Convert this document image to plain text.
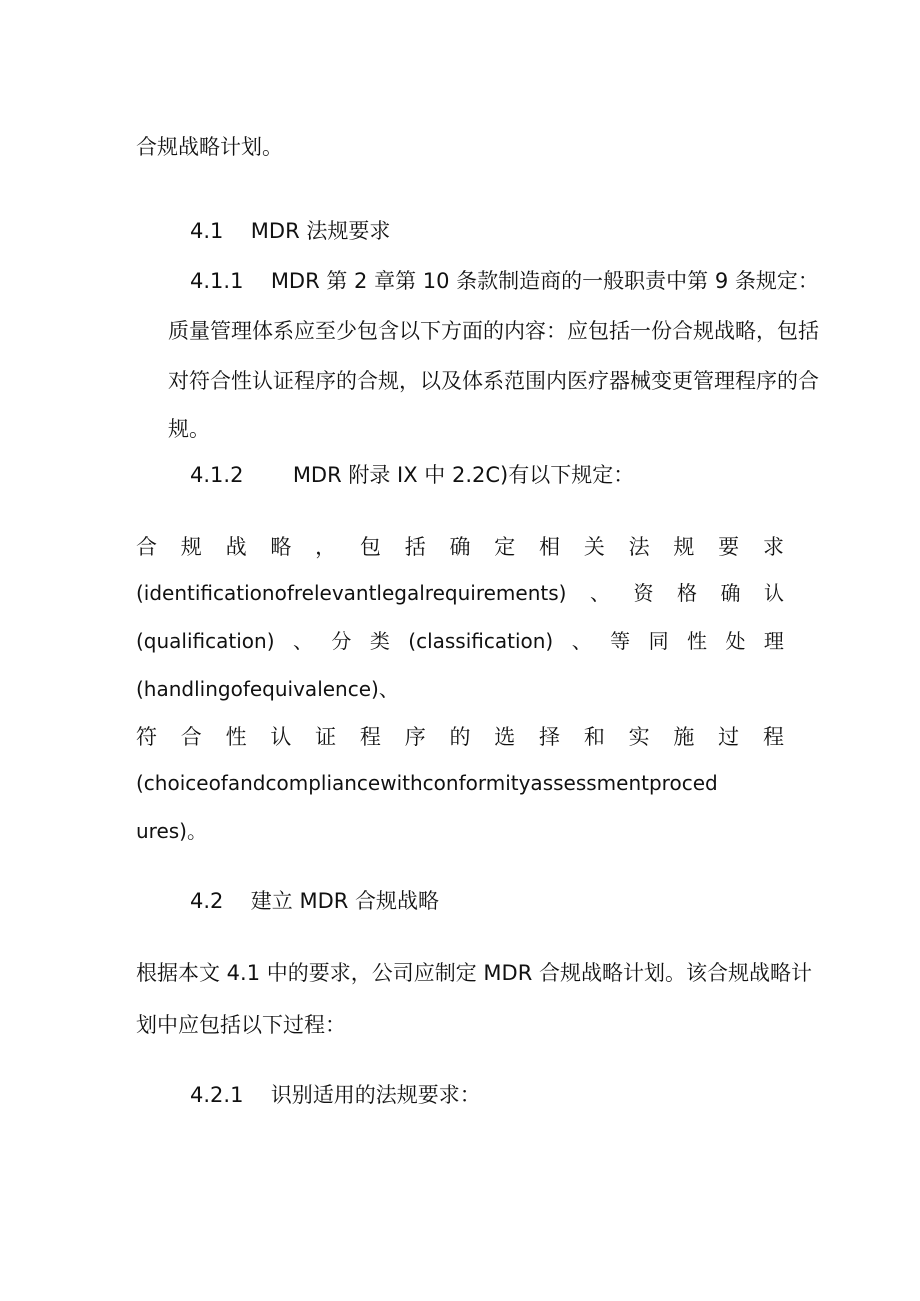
合规战略计划。
4.1 MDR 法规要求
4.1.1 MDR 第 2 章第 10 条款制造商的一般职责中第 9 条规定：
质量管理体系应至少包含以下方面的内容：应包括一份合规战略，包括
对符合性认证程序的合规，以及体系范围内医疗器械变更管理程序的合
规。
4.1.2 MDR 附录 IX 中 2.2C)有以下规定：
合 规 战 略 ， 包 括 确 定 相 关 法 规 要 求
(identificationofrelevantlegalrequirements) 、 资 格 确 认
(qualification) 、 分 类 (classification) 、 等 同 性 处 理
(handlingofequivalence)、
符 合 性 认 证 程 序 的 选 择 和 实 施 过 程
(choiceofandcompliancewithconformityassessmentproced
ures)。
4.2 建立 MDR 合规战略
根据本文 4.1 中的要求，公司应制定 MDR 合规战略计划。该合规战略计
划中应包括以下过程：
4.2.1 识别适用的法规要求：
